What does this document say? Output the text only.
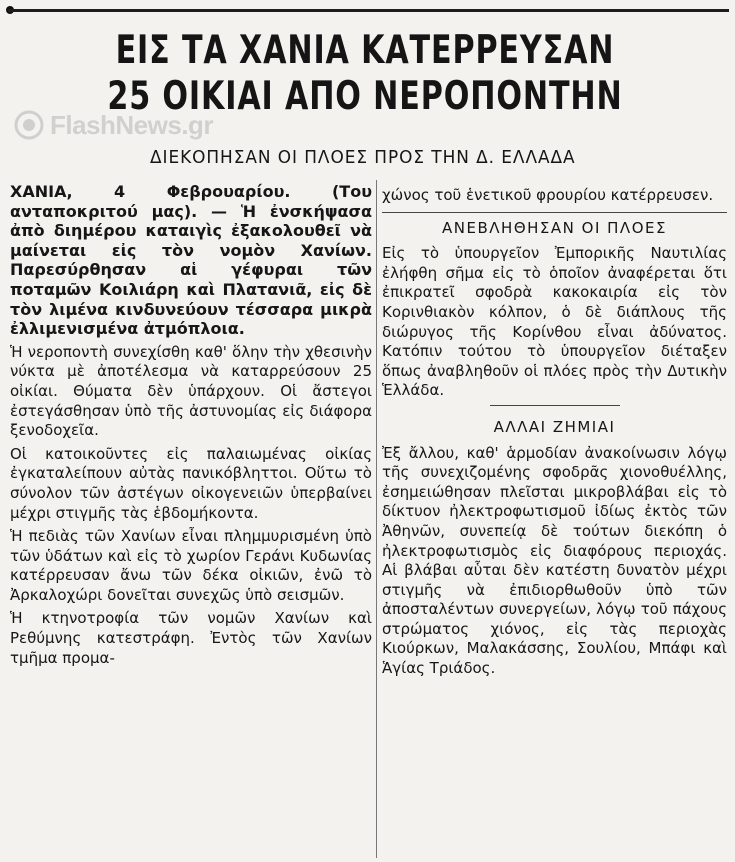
ΕΙΣ ΤΑ ΧΑΝΙΑ ΚΑΤΕΡΡΕΥΣΑΝ
25 ΟΙΚΙΑΙ ΑΠΟ ΝΕΡΟΠΟΝΤΗΝ
FlashNews.gr
ΔΙΕΚΟΠΗΣΑΝ ΟΙ ΠΛΟΕΣ ΠΡΟΣ ΤΗΝ Δ. ΕΛΛΑΔΑ

ΧΑΝΙΑ, 4 Φεβρουαρίου. (Του ανταποκριτού μας). — Ἡ ἐνσκήψασα ἀπὸ διημέρου καταιγὶς ἐξακολουθεῖ νὰ μαίνεται εἰς τὸν νομὸν Χανίων. Παρεσύρθησαν αἱ γέφυραι τῶν ποταμῶν Κοιλιάρη καὶ Πλατανιᾶ, εἰς δὲ τὸν λιμένα κινδυνεύουν τέσσαρα μικρὰ ἐλλιμενισμένα ἀτμόπλοια.

Ἡ νεροποντὴ συνεχίσθη καθ' ὅλην τὴν χθεσινὴν νύκτα μὲ ἀποτέλεσμα νὰ καταρρεύσουν 25 οἰκίαι. Θύματα δὲν ὑπάρχουν. Οἱ ἄστεγοι ἐστεγάσθησαν ὑπὸ τῆς ἀστυνομίας εἰς διάφορα ξενοδοχεῖα.

Οἱ κατοικοῦντες εἰς παλαιωμένας οἰκίας ἐγκαταλείπουν αὐτὰς πανικόβληττοι. Οὕτω τὸ σύνολον τῶν ἀστέγων οἰκογενειῶν ὑπερβαίνει μέχρι στιγμῆς τὰς ἑβδομήκοντα.

Ἡ πεδιὰς τῶν Χανίων εἶναι πλημμυρισμένη ὑπὸ τῶν ὑδάτων καὶ εἰς τὸ χωρίον Γεράνι Κυδωνίας κατέρρευσαν ἄνω τῶν δέκα οἰκιῶν, ἐνῶ τὸ Ἀρκαλοχώρι δονεῖται συνεχῶς ὑπὸ σεισμῶν.

Ἡ κτηνοτροφία τῶν νομῶν Χανίων καὶ Ρεθύμνης κατεστράφη. Ἐντὸς τῶν Χανίων τμῆμα προμα-

χώνος τοῦ ἑνετικοῦ φρουρίου κατέρρευσεν.

ΑΝΕΒΛΗΘΗΣΑΝ ΟΙ ΠΛΟΕΣ

Εἰς τὸ ὑπουργεῖον Ἐμπορικῆς Ναυτιλίας ἐλήφθη σῆμα εἰς τὸ ὁποῖον ἀναφέρεται ὅτι ἐπικρατεῖ σφοδρὰ κακοκαιρία εἰς τὸν Κορινθιακὸν κόλπον, ὁ δὲ διάπλους τῆς διώρυγος τῆς Κορίνθου εἶναι ἀδύνατος. Κατόπιν τούτου τὸ ὑπουργεῖον διέταξεν ὅπως ἀναβληθοῦν οἱ πλόες πρὸς τὴν Δυτικὴν Ἑλλάδα.

ΑΛΛΑΙ ΖΗΜΙΑΙ

Ἐξ ἄλλου, καθ' ἁρμοδίαν ἀνακοίνωσιν λόγῳ τῆς συνεχιζομένης σφοδρᾶς χιονοθυέλλης, ἐσημειώθησαν πλεῖσται μικροβλάβαι εἰς τὸ δίκτυον ἠλεκτροφωτισμοῦ ἰδίως ἐκτὸς τῶν Ἀθηνῶν, συνεπείᾳ δὲ τούτων διεκόπη ὁ ἠλεκτροφωτισμὸς εἰς διαφόρους περιοχάς. Αἱ βλάβαι αὗται δὲν κατέστη δυνατὸν μέχρι στιγμῆς νὰ ἐπιδιορθωθοῦν ὑπὸ τῶν ἀποσταλέντων συνεργείων, λόγῳ τοῦ πάχους στρώματος χιόνος, εἰς τὰς περιοχὰς Κιούρκων, Μαλακάσσης, Σουλίου, Μπάφι καὶ Ἁγίας Τριάδος.
